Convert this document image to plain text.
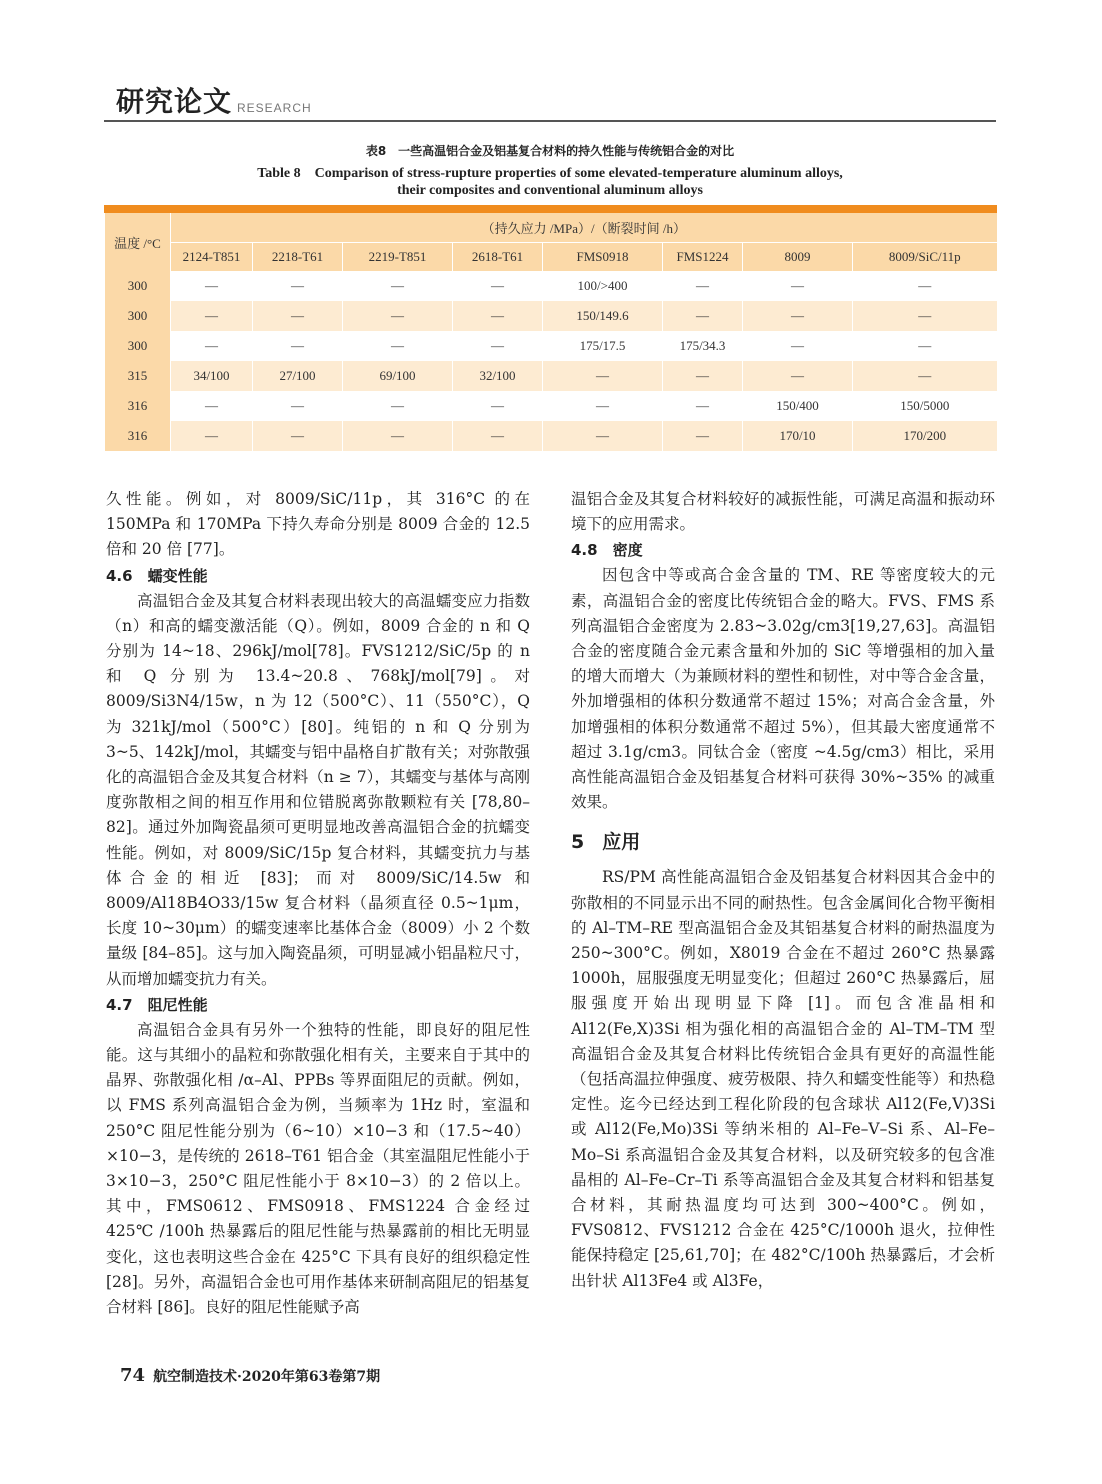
研究论文 RESEARCH
表8　一些高温铝合金及铝基复合材料的持久性能与传统铝合金的对比
Table 8　Comparison of stress-rupture properties of some elevated-temperature aluminum alloys,
their composites and conventional aluminum alloys
温度 /°C	（持久应力 /MPa）/（断裂时间 /h）							
	2124-T851	2218-T61	2219-T851	2618-T61	FMS0918	FMS1224	8009	8009/SiC/11p
300	—	—	—	—	100/>400	—	—	—
300	—	—	—	—	150/149.6	—	—	—
300	—	—	—	—	175/17.5	175/34.3	—	—
315	34/100	27/100	69/100	32/100	—	—	—	—
316	—	—	—	—	—	—	150/400	150/5000
316	—	—	—	—	—	—	170/10	170/200

久性能。例如，对 8009/SiC/11p，其 316°C 的在 150MPa 和 170MPa 下持久寿命分别是 8009 合金的 12.5 倍和 20 倍 [77]。

4.6　蠕变性能

高温铝合金及其复合材料表现出较大的高温蠕变应力指数（n）和高的蠕变激活能（Q）。例如，8009 合金的 n 和 Q 分别为 14~18、296kJ/mol[78]。FVS1212/SiC/5p 的 n 和 Q 分别为 13.4~20.8、768kJ/mol[79]。对 8009/Si3N4/15w，n 为 12（500°C）、11（550°C），Q 为 321kJ/mol（500°C）[80]。纯铝的 n 和 Q 分别为 3~5、142kJ/mol，其蠕变与铝中晶格自扩散有关；对弥散强化的高温铝合金及其复合材料（n ≥ 7），其蠕变与基体与高刚度弥散相之间的相互作用和位错脱离弥散颗粒有关 [78,80–82]。通过外加陶瓷晶须可更明显地改善高温铝合金的抗蠕变性能。例如，对 8009/SiC/15p 复合材料，其蠕变抗力与基体合金的相近 [83]；而对 8009/SiC/14.5w 和 8009/Al18B4O33/15w 复合材料（晶须直径 0.5~1μm，长度 10~30μm）的蠕变速率比基体合金（8009）小 2 个数量级 [84–85]。这与加入陶瓷晶须，可明显减小铝晶粒尺寸，从而增加蠕变抗力有关。

4.7　阻尼性能

高温铝合金具有另外一个独特的性能，即良好的阻尼性能。这与其细小的晶粒和弥散强化相有关，主要来自于其中的晶界、弥散强化相 /α–Al、PPBs 等界面阻尼的贡献。例如，以 FMS 系列高温铝合金为例，当频率为 1Hz 时，室温和 250°C 阻尼性能分别为（6~10）×10−3 和（17.5~40）×10−3，是传统的 2618–T61 铝合金（其室温阻尼性能小于 3×10−3，250°C 阻尼性能小于 8×10−3）的 2 倍以上。其中，FMS0612、FMS0918、FMS1224 合金经过 425℃ /100h 热暴露后的阻尼性能与热暴露前的相比无明显变化，这也表明这些合金在 425°C 下具有良好的组织稳定性 [28]。另外，高温铝合金也可用作基体来研制高阻尼的铝基复合材料 [86]。良好的阻尼性能赋予高

温铝合金及其复合材料较好的减振性能，可满足高温和振动环境下的应用需求。

4.8　密度

因包含中等或高合金含量的 TM、RE 等密度较大的元素，高温铝合金的密度比传统铝合金的略大。FVS、FMS 系列高温铝合金密度为 2.83~3.02g/cm3[19,27,63]。高温铝合金的密度随合金元素含量和外加的 SiC 等增强相的加入量的增大而增大（为兼顾材料的塑性和韧性，对中等合金含量，外加增强相的体积分数通常不超过 15%；对高合金含量，外加增强相的体积分数通常不超过 5%），但其最大密度通常不超过 3.1g/cm3。同钛合金（密度 ~4.5g/cm3）相比，采用高性能高温铝合金及铝基复合材料可获得 30%~35% 的减重效果。

5 应用

RS/PM 高性能高温铝合金及铝基复合材料因其合金中的弥散相的不同显示出不同的耐热性。包含金属间化合物平衡相的 Al–TM–RE 型高温铝合金及其铝基复合材料的耐热温度为 250~300°C。例如，X8019 合金在不超过 260°C 热暴露 1000h，屈服强度无明显变化；但超过 260°C 热暴露后，屈服强度开始出现明显下降 [1]。而包含准晶相和 Al12(Fe,X)3Si 相为强化相的高温铝合金的 Al–TM–TM 型高温铝合金及其复合材料比传统铝合金具有更好的高温性能（包括高温拉伸强度、疲劳极限、持久和蠕变性能等）和热稳定性。迄今已经达到工程化阶段的包含球状 Al12(Fe,V)3Si 或 Al12(Fe,Mo)3Si 等纳米相的 Al–Fe–V–Si 系、Al–Fe–Mo–Si 系高温铝合金及其复合材料，以及研究较多的包含准晶相的 Al–Fe–Cr–Ti 系等高温铝合金及其复合材料和铝基复合材料，其耐热温度均可达到 300~400°C。例如，FVS0812、FVS1212 合金在 425°C/1000h 退火，拉伸性能保持稳定 [25,61,70]；在 482°C/100h 热暴露后，才会析出针状 Al13Fe4 或 Al3Fe，

74 航空制造技术·2020年第63卷第7期
